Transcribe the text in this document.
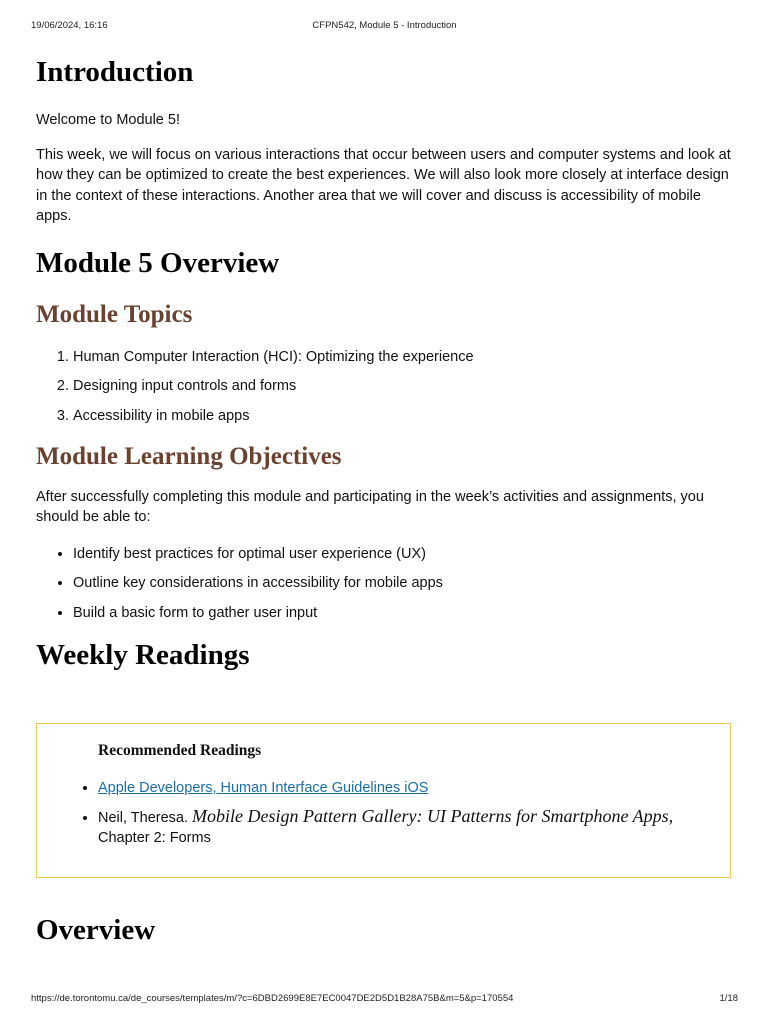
19/06/2024, 16:16	CFPN542, Module 5 - Introduction
Introduction

Welcome to Module 5!

This week, we will focus on various interactions that occur between users and computer systems and look at how they can be optimized to create the best experiences. We will also look more closely at interface design in the context of these interactions. Another area that we will cover and discuss is accessibility of mobile apps.

Module 5 Overview
Module Topics
1. Human Computer Interaction (HCI): Optimizing the experience
2. Designing input controls and forms
3. Accessibility in mobile apps
Module Learning Objectives

After successfully completing this module and participating in the week’s activities and assignments, you should be able to:

• Identify best practices for optimal user experience (UX)
• Outline key considerations in accessibility for mobile apps
• Build a basic form to gather user input
Weekly Readings
Recommended Readings
• Apple Developers, Human Interface Guidelines iOS
• Neil, Theresa. Mobile Design Pattern Gallery: UI Patterns for Smartphone Apps, Chapter 2: Forms
Overview
https://de.torontomu.ca/de_courses/templates/m/?c=6DBD2699E8E7EC0047DE2D5D1B28A75B&m=5&p=170554	1/18
